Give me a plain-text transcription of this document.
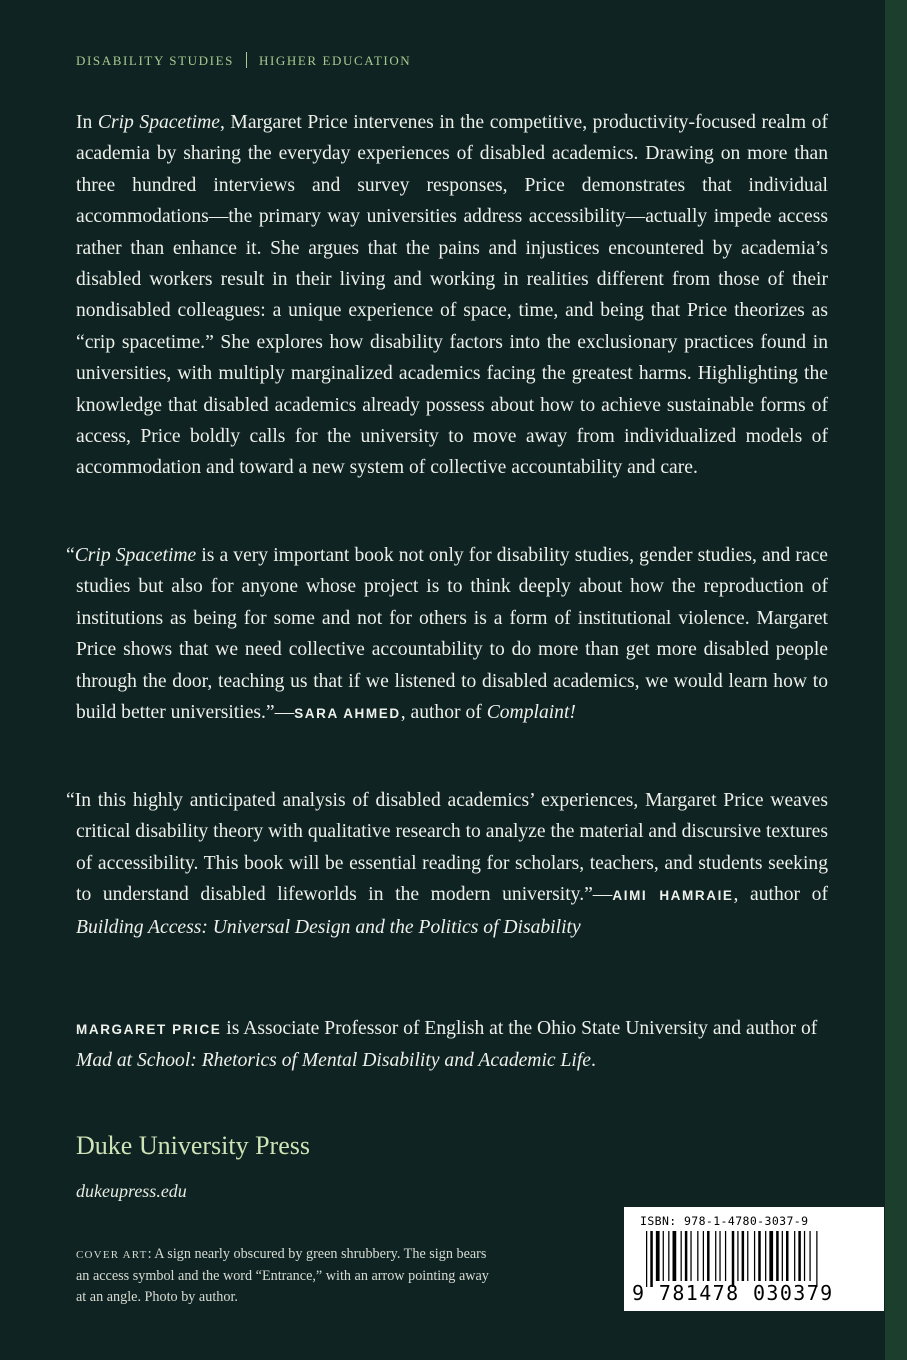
DISABILITY STUDIES HIGHER EDUCATION

In Crip Spacetime, Margaret Price intervenes in the competitive, productivity-focused realm of academia by sharing the everyday experiences of disabled academics. Drawing on more than three hundred interviews and survey responses, Price demonstrates that individual accommodations—the primary way universities address accessibility—actually impede access rather than enhance it. She argues that the pains and injustices encountered by academia’s disabled workers result in their living and working in realities different from those of their nondisabled colleagues: a unique experience of space, time, and being that Price theorizes as “crip spacetime.” She explores how disability factors into the exclusionary practices found in universities, with multiply marginalized academics facing the greatest harms. Highlighting the knowledge that disabled academics already possess about how to achieve sustainable forms of access, Price boldly calls for the university to move away from individualized models of accommodation and toward a new system of collective accountability and care.

“Crip Spacetime is a very important book not only for disability studies, gender studies, and race studies but also for anyone whose project is to think deeply about how the reproduction of institutions as being for some and not for others is a form of institutional violence. Margaret Price shows that we need collective accountability to do more than get more disabled people through the door, teaching us that if we listened to disabled academics, we would learn how to build better universities.”—SARA AHMED, author of Complaint!

“In this highly anticipated analysis of disabled academics’ experiences, Margaret Price weaves critical disability theory with qualitative research to analyze the material and discursive textures of accessibility. This book will be essential reading for scholars, teachers, and students seeking to understand disabled lifeworlds in the modern university.”—AIMI HAMRAIE, author of Building Access: Universal Design and the Politics of Disability

MARGARET PRICE is Associate Professor of English at the Ohio State University and author of Mad at School: Rhetorics of Mental Disability and Academic Life.

Duke University Press
dukeupress.edu
COVER ART: A sign nearly obscured by green shrubbery. The sign bears an access symbol and the word “Entrance,” with an arrow pointing away at an angle. Photo by author.
ISBN: 978-1-4780-3037-9
9 781478 030379
